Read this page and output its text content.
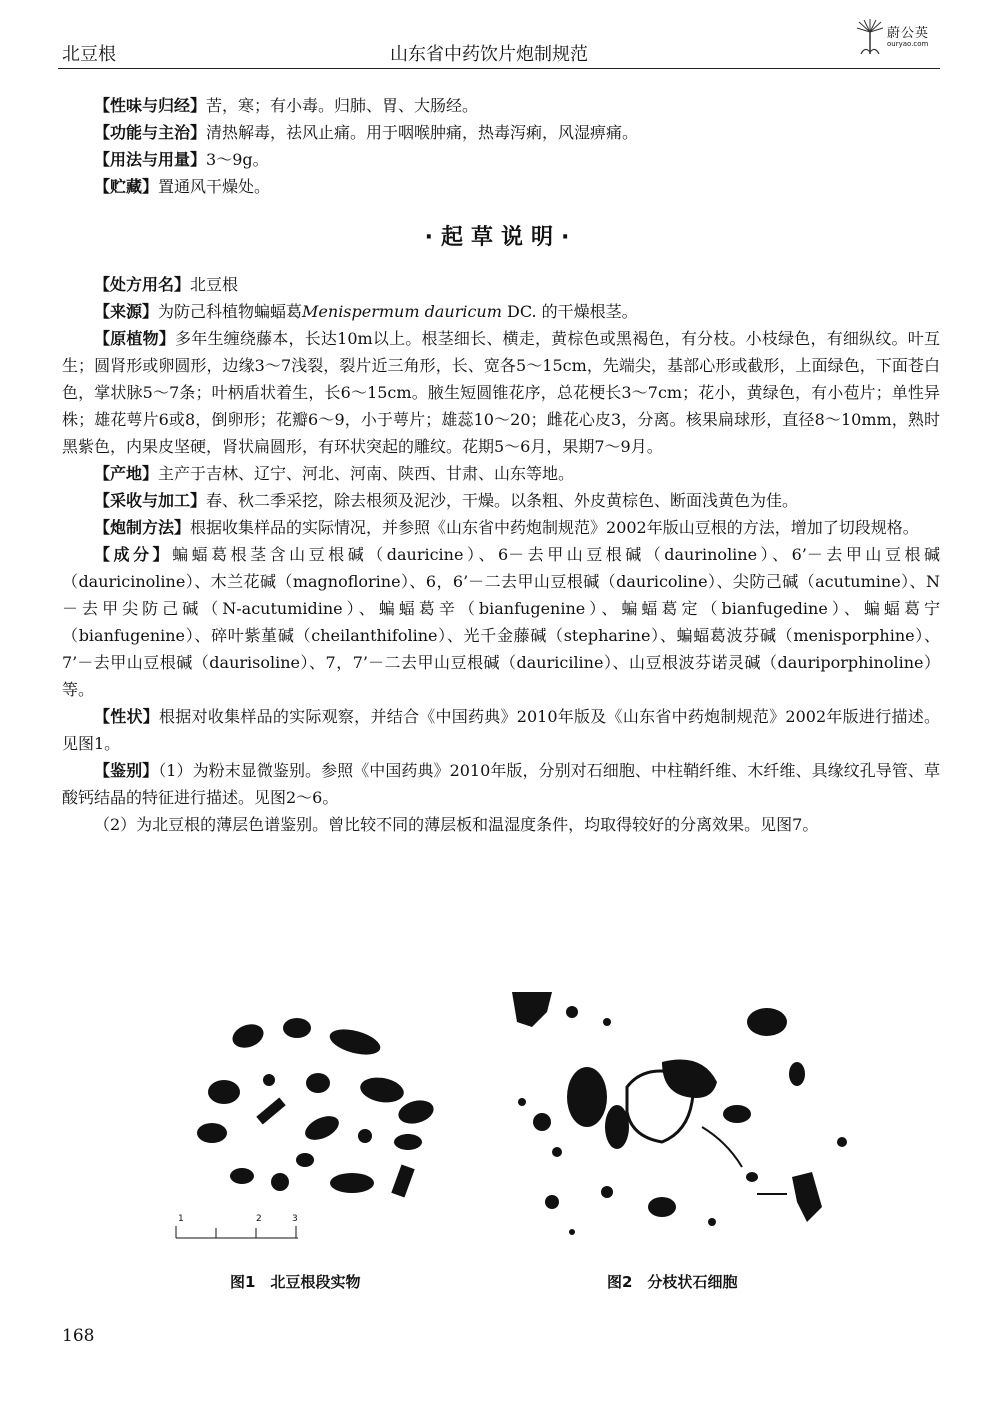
北豆根	山东省中药饮片炮制规范
蔚公英
ouryao.com

【性味与归经】苦，寒；有小毒。归肺、胃、大肠经。

【功能与主治】清热解毒，祛风止痛。用于咽喉肿痛，热毒泻痢，风湿痹痛。

【用法与用量】3～9g。

【贮藏】置通风干燥处。

·起草说明·

【处方用名】北豆根

【来源】为防己科植物蝙蝠葛Menispermum dauricum DC. 的干燥根茎。

【原植物】多年生缠绕藤本，长达10m以上。根茎细长、横走，黄棕色或黑褐色，有分枝。小枝绿色，有细纵纹。叶互生；圆肾形或卵圆形，边缘3～7浅裂，裂片近三角形，长、宽各5～15cm，先端尖，基部心形或截形，上面绿色，下面苍白色，掌状脉5～7条；叶柄盾状着生，长6～15cm。腋生短圆锥花序，总花梗长3～7cm；花小，黄绿色，有小苞片；单性异株；雄花萼片6或8，倒卵形；花瓣6～9，小于萼片；雄蕊10～20；雌花心皮3，分离。核果扁球形，直径8～10mm，熟时黑紫色，内果皮坚硬，肾状扁圆形，有环状突起的雕纹。花期5～6月，果期7～9月。

【产地】主产于吉林、辽宁、河北、河南、陕西、甘肃、山东等地。

【采收与加工】春、秋二季采挖，除去根须及泥沙，干燥。以条粗、外皮黄棕色、断面浅黄色为佳。

【炮制方法】根据收集样品的实际情况，并参照《山东省中药炮制规范》2002年版山豆根的方法，增加了切段规格。

【成分】蝙蝠葛根茎含山豆根碱（dauricine）、6－去甲山豆根碱（daurinoline）、6’－去甲山豆根碱（dauricinoline）、木兰花碱（magnoflorine）、6，6’－二去甲山豆根碱（dauricoline）、尖防己碱（acutumine）、N－去甲尖防己碱（N-acutumidine）、蝙蝠葛辛（bianfugenine）、蝙蝠葛定（bianfugedine）、蝙蝠葛宁（bianfugenine）、碎叶紫堇碱（cheilanthifoline）、光千金藤碱（stepharine）、蝙蝠葛波芬碱（menisporphine）、7’－去甲山豆根碱（daurisoline）、7，7’－二去甲山豆根碱（dauriciline）、山豆根波芬诺灵碱（dauriporphinoline）等。

【性状】根据对收集样品的实际观察，并结合《中国药典》2010年版及《山东省中药炮制规范》2002年版进行描述。见图1。

【鉴别】（1）为粉末显微鉴别。参照《中国药典》2010年版，分别对石细胞、中柱鞘纤维、木纤维、具缘纹孔导管、草酸钙结晶的特征进行描述。见图2～6。

（2）为北豆根的薄层色谱鉴别。曾比较不同的薄层板和温湿度条件，均取得较好的分离效果。见图7。

1	2	3
图1　北豆根段实物	图2　分枝状石细胞
168
